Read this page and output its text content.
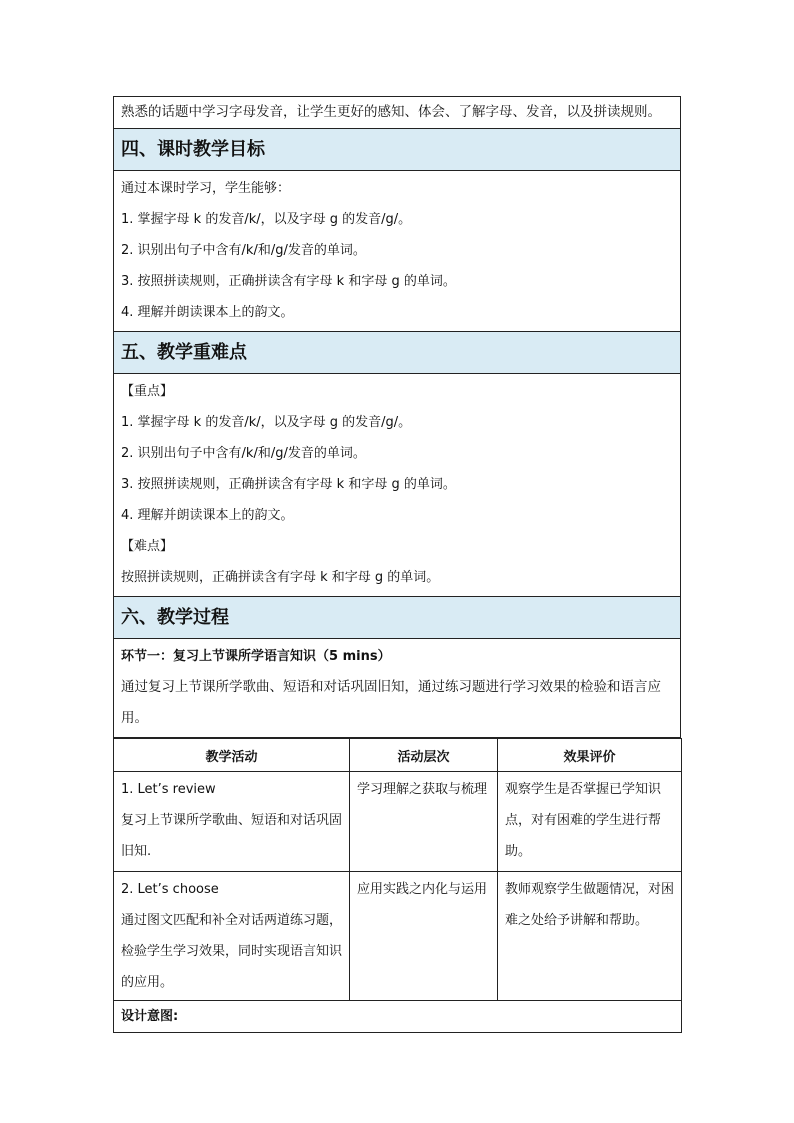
熟悉的话题中学习字母发音，让学生更好的感知、体会、了解字母、发音，以及拼读规则。
四、课时教学目标
通过本课时学习，学生能够：
1. 掌握字母 k 的发音/k/，以及字母 g 的发音/g/。
2. 识别出句子中含有/k/和/g/发音的单词。
3. 按照拼读规则，正确拼读含有字母 k 和字母 g 的单词。
4. 理解并朗读课本上的韵文。
五、教学重难点
【重点】
1. 掌握字母 k 的发音/k/，以及字母 g 的发音/g/。
2. 识别出句子中含有/k/和/g/发音的单词。
3. 按照拼读规则，正确拼读含有字母 k 和字母 g 的单词。
4. 理解并朗读课本上的韵文。
【难点】
按照拼读规则，正确拼读含有字母 k 和字母 g 的单词。
六、教学过程
环节一：复习上节课所学语言知识（5 mins）
通过复习上节课所学歌曲、短语和对话巩固旧知，通过练习题进行学习效果的检验和语言应用。
教学活动	活动层次	效果评价

1. Let’s review
复习上节课所学歌曲、短语和对话巩固旧知.	学习理解之获取与梳理	观察学生是否掌握已学知识点，对有困难的学生进行帮助。

2. Let’s choose
通过图文匹配和补全对话两道练习题，检验学生学习效果，同时实现语言知识的应用。	应用实践之内化与运用	教师观察学生做题情况，对困难之处给予讲解和帮助。
设计意图:		
